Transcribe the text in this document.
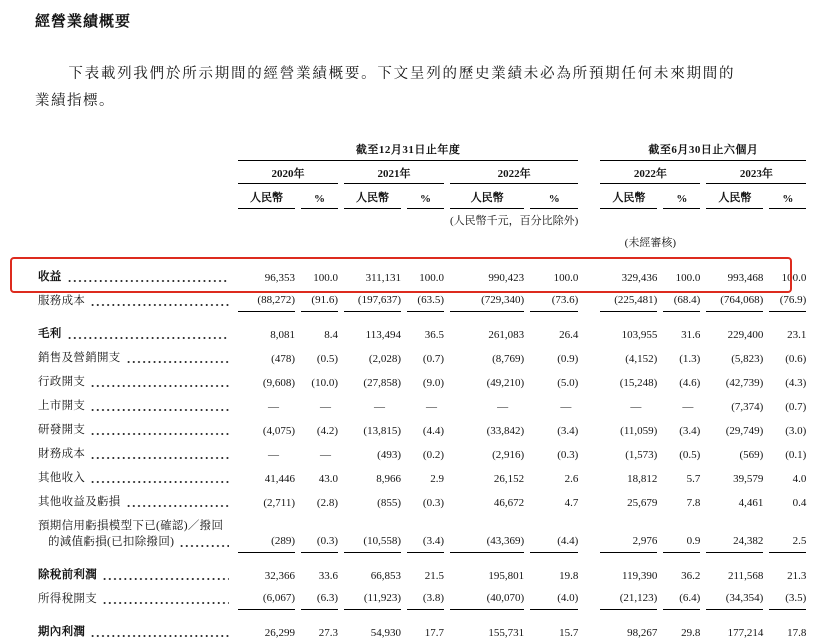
經營業績概要
下表載列我們於所示期間的經營業績概要。下文呈列的歷史業績未必為所預期任何未來期間的業績指標。
	截至12月31日止年度							截至6月30日止六個月			
	2020年		2021年		2022年			2022年		2023年	
	人民幣	%	人民幣	%	人民幣	%		人民幣	%	人民幣	%
					(人民幣千元，百分比除外)						
								(未經審核)			

收益	96,353	100.0	311,131	100.0	990,423	100.0		329,436	100.0	993,468	100.0

服務成本	(88,272)	(91.6)	(197,637)	(63.5)	(729,340)	(73.6)		(225,481)	(68.4)	(764,068)	(76.9)

毛利	8,081	8.4	113,494	36.5	261,083	26.4		103,955	31.6	229,400	23.1

銷售及營銷開支	(478)	(0.5)	(2,028)	(0.7)	(8,769)	(0.9)		(4,152)	(1.3)	(5,823)	(0.6)

行政開支	(9,608)	(10.0)	(27,858)	(9.0)	(49,210)	(5.0)		(15,248)	(4.6)	(42,739)	(4.3)

上市開支	—	—	—	—	—	—		—	—	(7,374)	(0.7)

研發開支	(4,075)	(4.2)	(13,815)	(4.4)	(33,842)	(3.4)		(11,059)	(3.4)	(29,749)	(3.0)

財務成本	—	—	(493)	(0.2)	(2,916)	(0.3)		(1,573)	(0.5)	(569)	(0.1)

其他收入	41,446	43.0	8,966	2.9	26,152	2.6		18,812	5.7	39,579	4.0

其他收益及虧損	(2,711)	(2.8)	(855)	(0.3)	46,672	4.7		25,679	7.8	4,461	0.4

預期信用虧損模型下已(確認)／撥回
的減值虧損(已扣除撥回)	(289)	(0.3)	(10,558)	(3.4)	(43,369)	(4.4)		2,976	0.9	24,382	2.5

除稅前利潤	32,366	33.6	66,853	21.5	195,801	19.8		119,390	36.2	211,568	21.3

所得稅開支	(6,067)	(6.3)	(11,923)	(3.8)	(40,070)	(4.0)		(21,123)	(6.4)	(34,354)	(3.5)

期內利潤	26,299	27.3	54,930	17.7	155,731	15.7		98,267	29.8	177,214	17.8
